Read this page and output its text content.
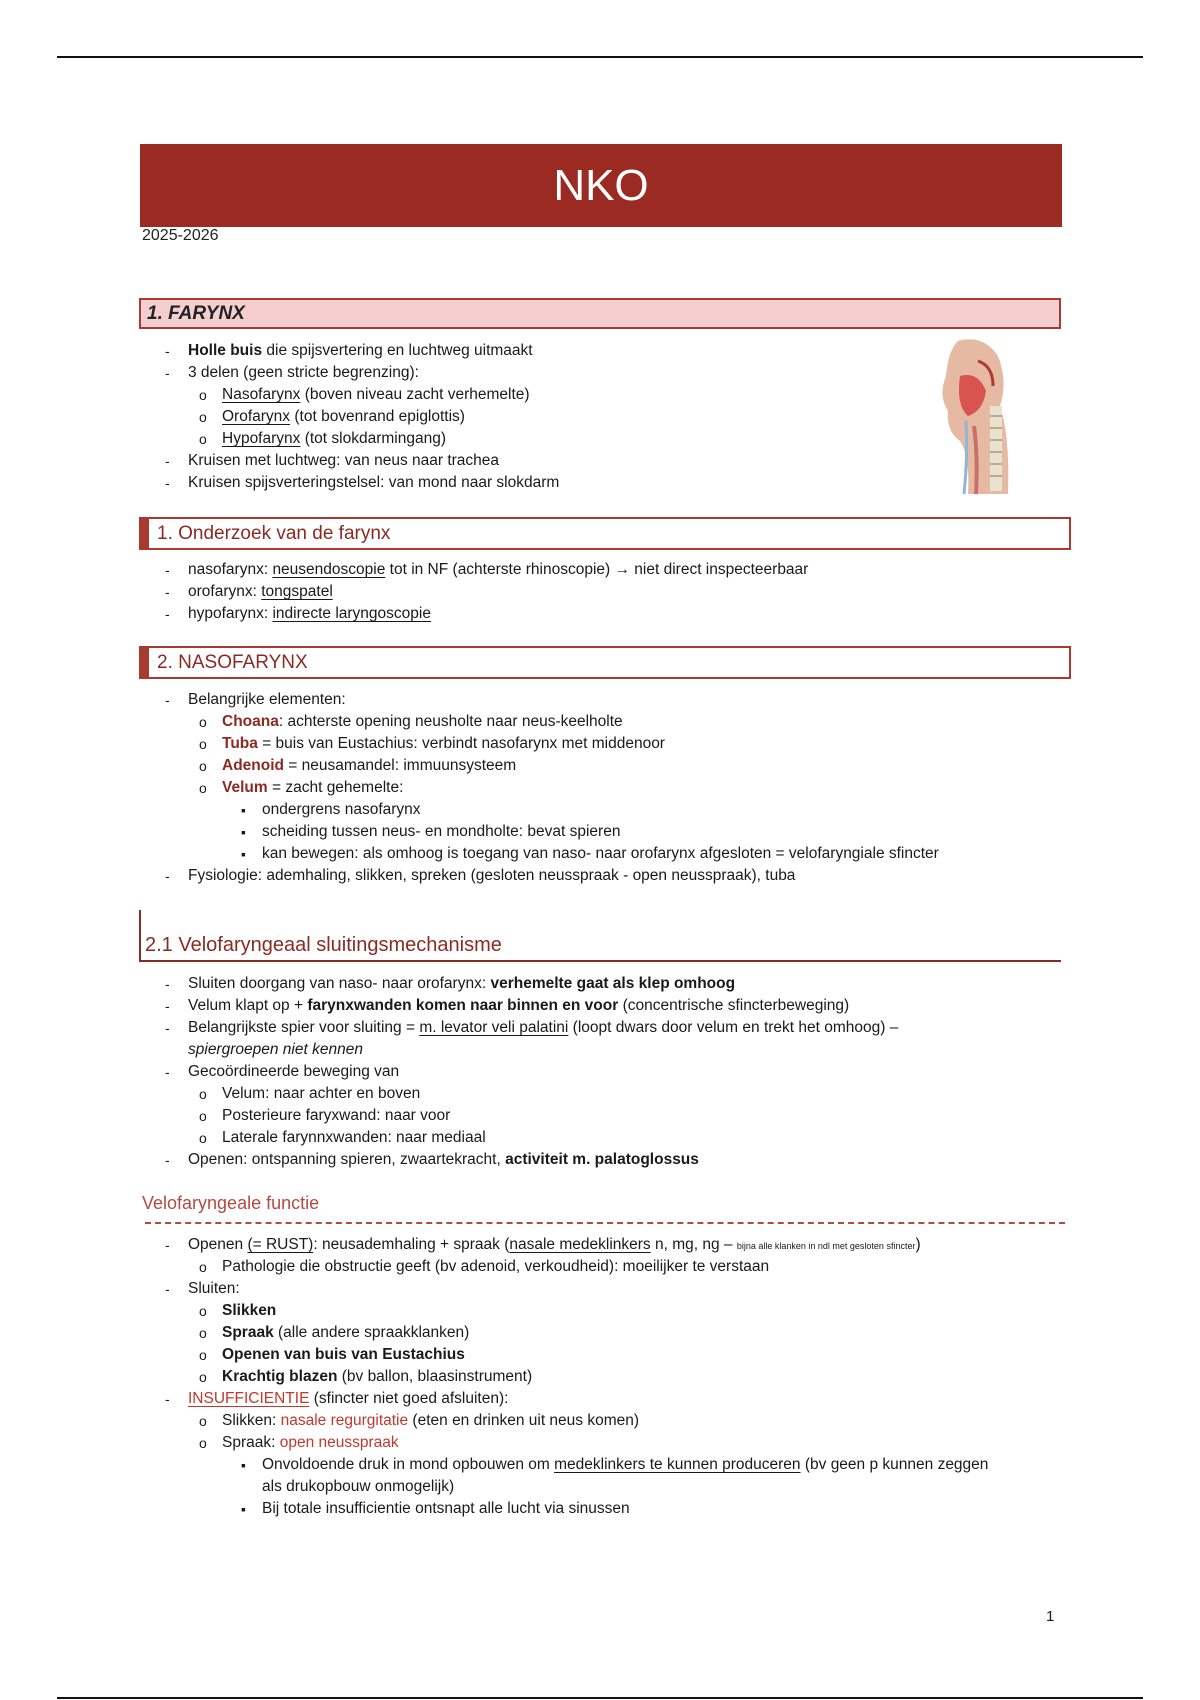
NKO
2025-2026
1. FARYNX
- Holle buis die spijsvertering en luchtweg uitmaakt
- 3 delen (geen stricte begrenzing):
o Nasofarynx (boven niveau zacht verhemelte)
o Orofarynx (tot bovenrand epiglottis)
o Hypofarynx (tot slokdarmingang)
- Kruisen met luchtweg: van neus naar trachea
- Kruisen spijsverteringstelsel: van mond naar slokdarm
1. Onderzoek van de farynx
- nasofarynx: neusendoscopie tot in NF (achterste rhinoscopie) → niet direct inspecteerbaar
- orofarynx: tongspatel
- hypofarynx: indirecte laryngoscopie
2. NASOFARYNX
- Belangrijke elementen:
o Choana: achterste opening neusholte naar neus-keelholte
o Tuba = buis van Eustachius: verbindt nasofarynx met middenoor
o Adenoid = neusamandel: immuunsysteem
o Velum = zacht gehemelte:
▪ ondergrens nasofarynx
▪ scheiding tussen neus- en mondholte: bevat spieren
▪ kan bewegen: als omhoog is toegang van naso- naar orofarynx afgesloten = velofaryngiale sfincter
- Fysiologie: ademhaling, slikken, spreken (gesloten neusspraak - open neusspraak), tuba
2.1 Velofaryngeaal sluitingsmechanisme
- Sluiten doorgang van naso- naar orofarynx: verhemelte gaat als klep omhoog
- Velum klapt op + farynxwanden komen naar binnen en voor (concentrische sfincterbeweging)
- Belangrijkste spier voor sluiting = m. levator veli palatini (loopt dwars door velum en trekt het omhoog) –
spiergroepen niet kennen
- Gecoördineerde beweging van
o Velum: naar achter en boven
o Posterieure faryxwand: naar voor
o Laterale farynnxwanden: naar mediaal
- Openen: ontspanning spieren, zwaartekracht, activiteit m. palatoglossus
Velofaryngeale functie
- Openen (= RUST): neusademhaling + spraak (nasale medeklinkers n, mg, ng – bijna alle klanken in ndl met gesloten sfincter)
o Pathologie die obstructie geeft (bv adenoid, verkoudheid): moeilijker te verstaan
- Sluiten:
o Slikken
o Spraak (alle andere spraakklanken)
o Openen van buis van Eustachius
o Krachtig blazen (bv ballon, blaasinstrument)
- INSUFFICIENTIE (sfincter niet goed afsluiten):
o Slikken: nasale regurgitatie (eten en drinken uit neus komen)
o Spraak: open neusspraak
▪ Onvoldoende druk in mond opbouwen om medeklinkers te kunnen produceren (bv geen p kunnen zeggen
als drukopbouw onmogelijk)
▪ Bij totale insufficientie ontsnapt alle lucht via sinussen
1
